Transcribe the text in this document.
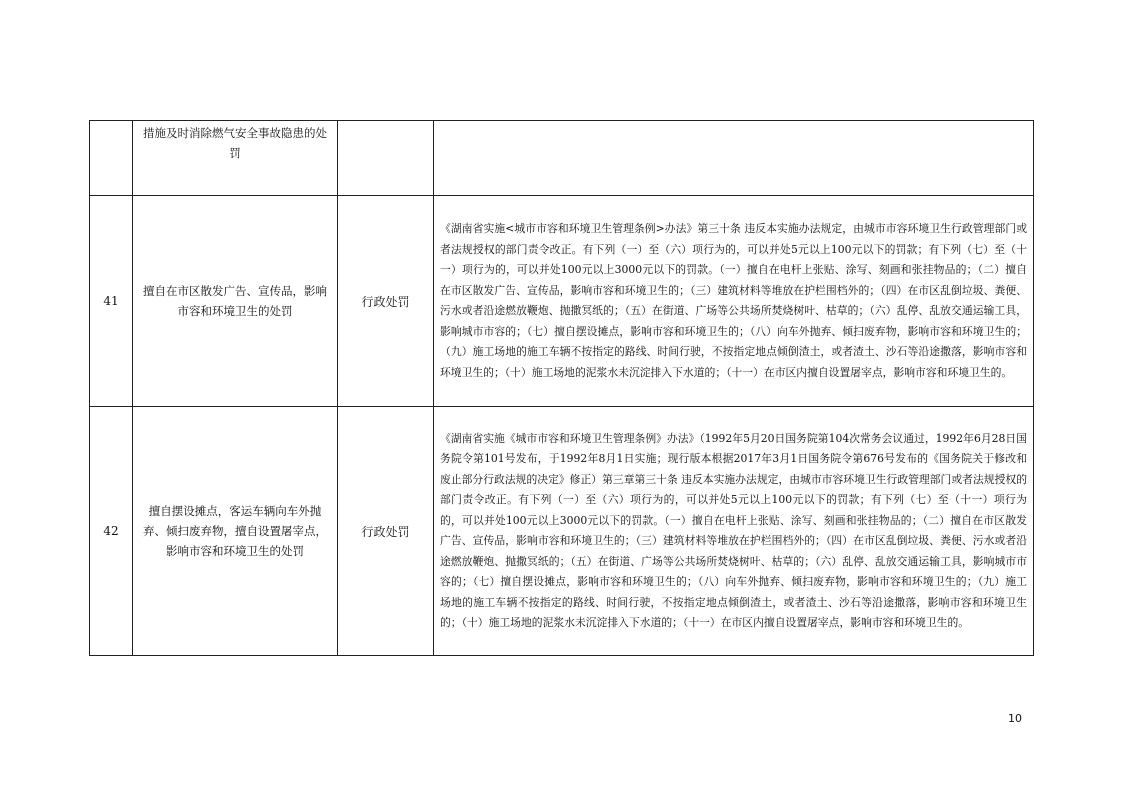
	措施及时消除燃气安全事故隐患的处罚		
41	擅自在市区散发广告、宣传品，影响市容和环境卫生的处罚	行政处罚	《湖南省实施<城市市容和环境卫生管理条例>办法》第三十条 违反本实施办法规定，由城市市容环境卫生行政管理部门或者法规授权的部门责令改正。有下列（一）至（六）项行为的，可以并处5元以上100元以下的罚款；有下列（七）至（十一）项行为的，可以并处100元以上3000元以下的罚款。（一）擅自在电杆上张贴、涂写、刻画和张挂物品的；（二）擅自在市区散发广告、宣传品，影响市容和环境卫生的；（三）建筑材料等堆放在护栏围档外的；（四）在市区乱倒垃圾、粪便、污水或者沿途燃放鞭炮、抛撒冥纸的；（五）在街道、广场等公共场所焚烧树叶、枯草的；（六）乱停、乱放交通运输工具，影响城市市容的；（七）擅自摆设摊点，影响市容和环境卫生的；（八）向车外抛弃、倾扫废弃物，影响市容和环境卫生的；（九）施工场地的施工车辆不按指定的路线、时间行驶，不按指定地点倾倒渣土，或者渣土、沙石等沿途撒落，影响市容和环境卫生的；（十）施工场地的泥浆水未沉淀排入下水道的；（十一）在市区内擅自设置屠宰点，影响市容和环境卫生的。
42	擅自摆设摊点，客运车辆向车外抛弃、倾扫废弃物，擅自设置屠宰点，影响市容和环境卫生的处罚	行政处罚	《湖南省实施《城市市容和环境卫生管理条例》办法》（1992年5月20日国务院第104次常务会议通过，1992年6月28日国务院令第101号发布，于1992年8月1日实施；现行版本根据2017年3月1日国务院令第676号发布的《国务院关于修改和废止部分行政法规的决定》修正）第三章第三十条 违反本实施办法规定，由城市市容环境卫生行政管理部门或者法规授权的部门责令改正。有下列（一）至（六）项行为的，可以并处5元以上100元以下的罚款；有下列（七）至（十一）项行为的，可以并处100元以上3000元以下的罚款。（一）擅自在电杆上张贴、涂写、刻画和张挂物品的；（二）擅自在市区散发广告、宣传品，影响市容和环境卫生的；（三）建筑材料等堆放在护栏围档外的；（四）在市区乱倒垃圾、粪便、污水或者沿途燃放鞭炮、抛撒冥纸的；（五）在街道、广场等公共场所焚烧树叶、枯草的；（六）乱停、乱放交通运输工具，影响城市市容的；（七）擅自摆设摊点，影响市容和环境卫生的；（八）向车外抛弃、倾扫废弃物，影响市容和环境卫生的；（九）施工场地的施工车辆不按指定的路线、时间行驶，不按指定地点倾倒渣土，或者渣土、沙石等沿途撒落，影响市容和环境卫生的；（十）施工场地的泥浆水未沉淀排入下水道的；（十一）在市区内擅自设置屠宰点，影响市容和环境卫生的。
10
